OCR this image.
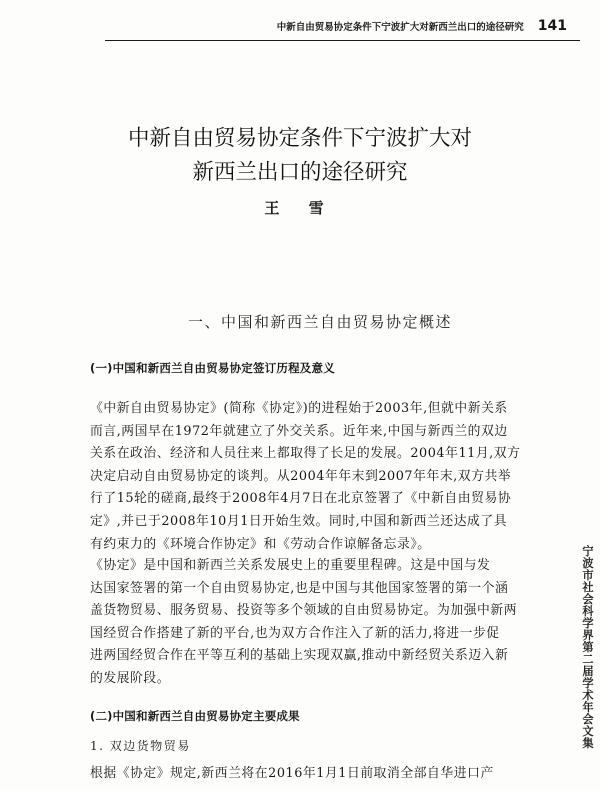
中新自由贸易协定条件下宁波扩大对新西兰出口的途径研究 141
中新自由贸易协定条件下宁波扩大对
新西兰出口的途径研究
王 雪
一、中国和新西兰自由贸易协定概述
(一)中国和新西兰自由贸易协定签订历程及意义
《中新自由贸易协定》(简称《协定》)的进程始于2003年,但就中新关系
而言,两国早在1972年就建立了外交关系。近年来,中国与新西兰的双边
关系在政治、经济和人员往来上都取得了长足的发展。2004年11月,双方
决定启动自由贸易协定的谈判。从2004年年末到2007年年末,双方共举
行了15轮的磋商,最终于2008年4月7日在北京签署了《中新自由贸易协
定》,并已于2008年10月1日开始生效。同时,中国和新西兰还达成了具
有约束力的《环境合作协定》和《劳动合作谅解备忘录》。
《协定》是中国和新西兰关系发展史上的重要里程碑。这是中国与发
达国家签署的第一个自由贸易协定,也是中国与其他国家签署的第一个涵
盖货物贸易、服务贸易、投资等多个领域的自由贸易协定。为加强中新两
国经贸合作搭建了新的平台,也为双方合作注入了新的活力,将进一步促
进两国经贸合作在平等互利的基础上实现双赢,推动中新经贸关系迈入新
的发展阶段。
(二)中国和新西兰自由贸易协定主要成果
1. 双边货物贸易
根据《协定》规定,新西兰将在2016年1月1日前取消全部自华进口产
宁波市社会科学界第二届学术年会文集
